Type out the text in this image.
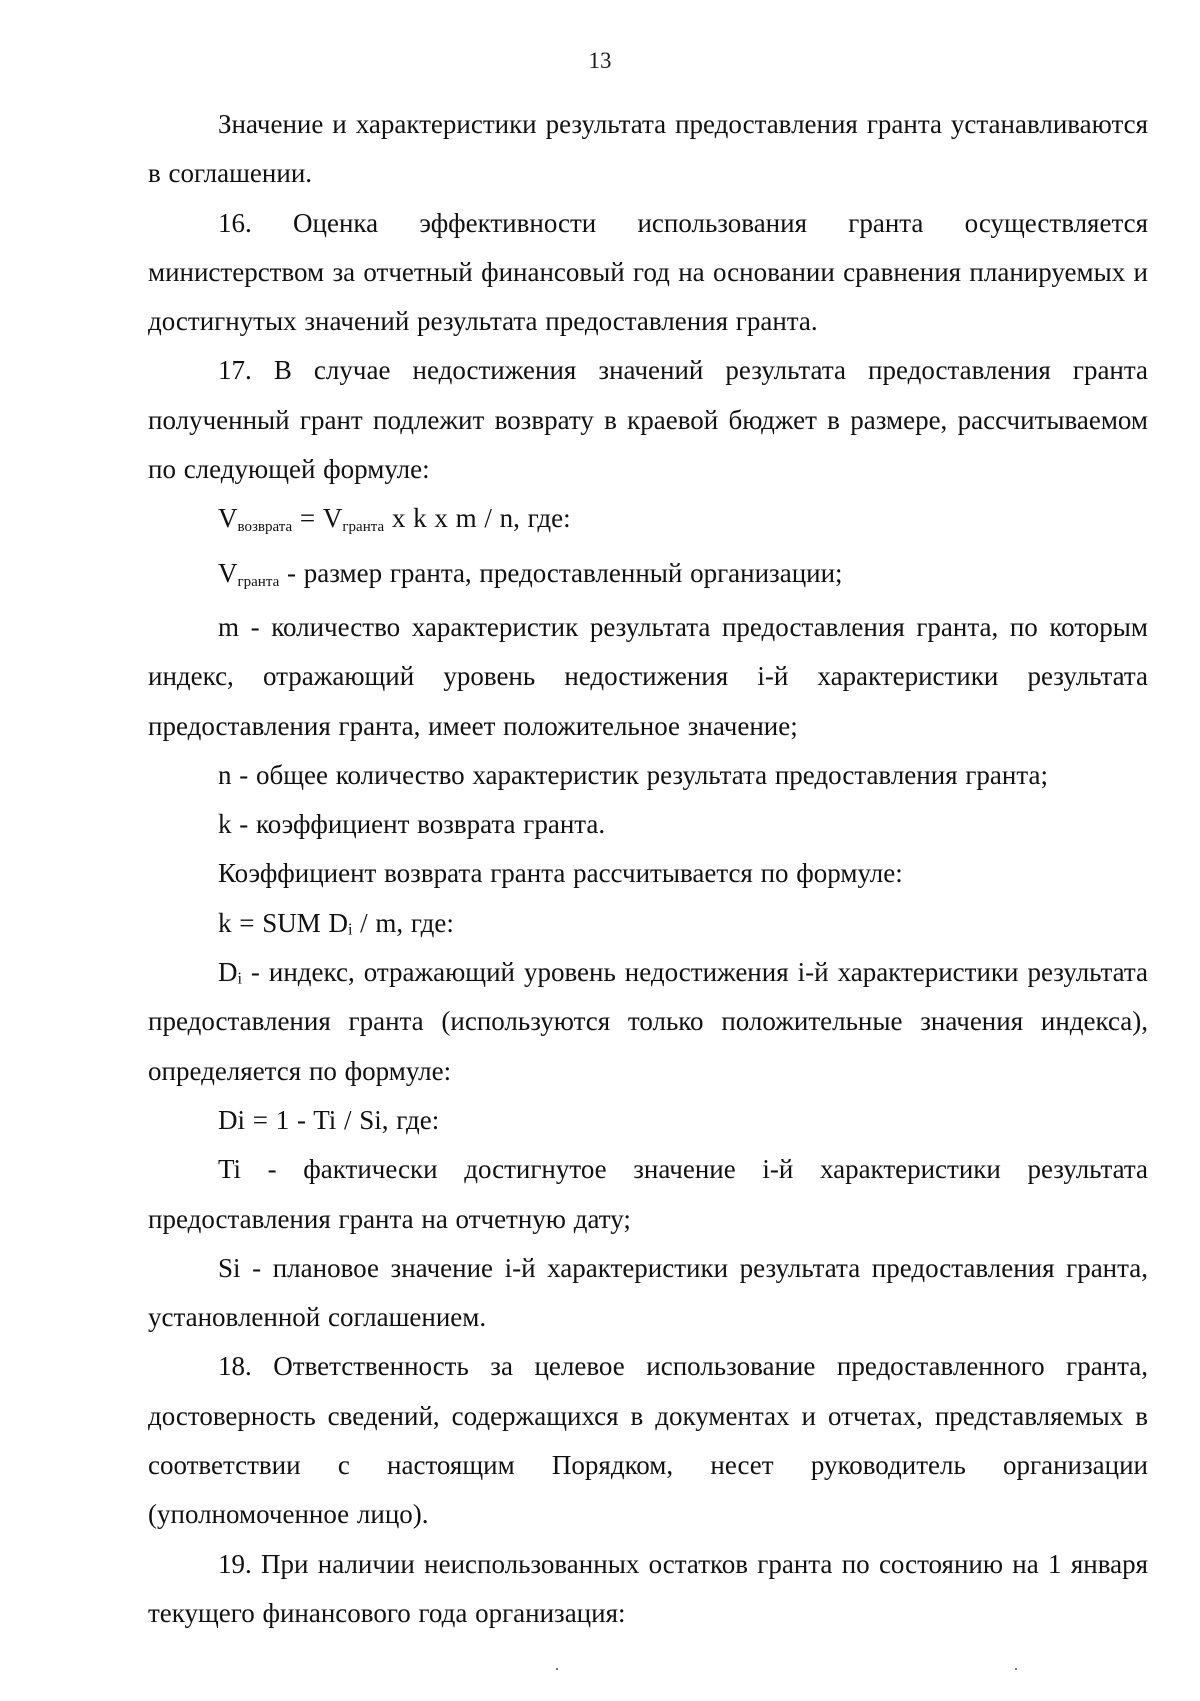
13

Значение и характеристики результата предоставления гранта устанавливаются в соглашении.

16. Оценка эффективности использования гранта осуществляется министерством за отчетный финансовый год на основании сравнения планируемых и достигнутых значений результата предоставления гранта.

17. В случае недостижения значений результата предоставления гранта полученный грант подлежит возврату в краевой бюджет в размере, рассчитываемом по следующей формуле:

Vвозврата = Vгранта x k x m / n, где:

Vгранта - размер гранта, предоставленный организации;

m - количество характеристик результата предоставления гранта, по которым индекс, отражающий уровень недостижения i-й характеристики результата предоставления гранта, имеет положительное значение;

n - общее количество характеристик результата предоставления гранта;

k - коэффициент возврата гранта.

Коэффициент возврата гранта рассчитывается по формуле:

k = SUM Dᵢ / m, где:

Dᵢ - индекс, отражающий уровень недостижения i-й характеристики результата предоставления гранта (используются только положительные значения индекса), определяется по формуле:

Di = 1 - Ti / Si, где:

Ti - фактически достигнутое значение i-й характеристики результата предоставления гранта на отчетную дату;

Si - плановое значение i-й характеристики результата предоставления гранта, установленной соглашением.

18. Ответственность за целевое использование предоставленного гранта, достоверность сведений, содержащихся в документах и отчетах, представляемых в соответствии с настоящим Порядком, несет руководитель организации (уполномоченное лицо).

19. При наличии неиспользованных остатков гранта по состоянию на 1 января текущего финансового года организация:
